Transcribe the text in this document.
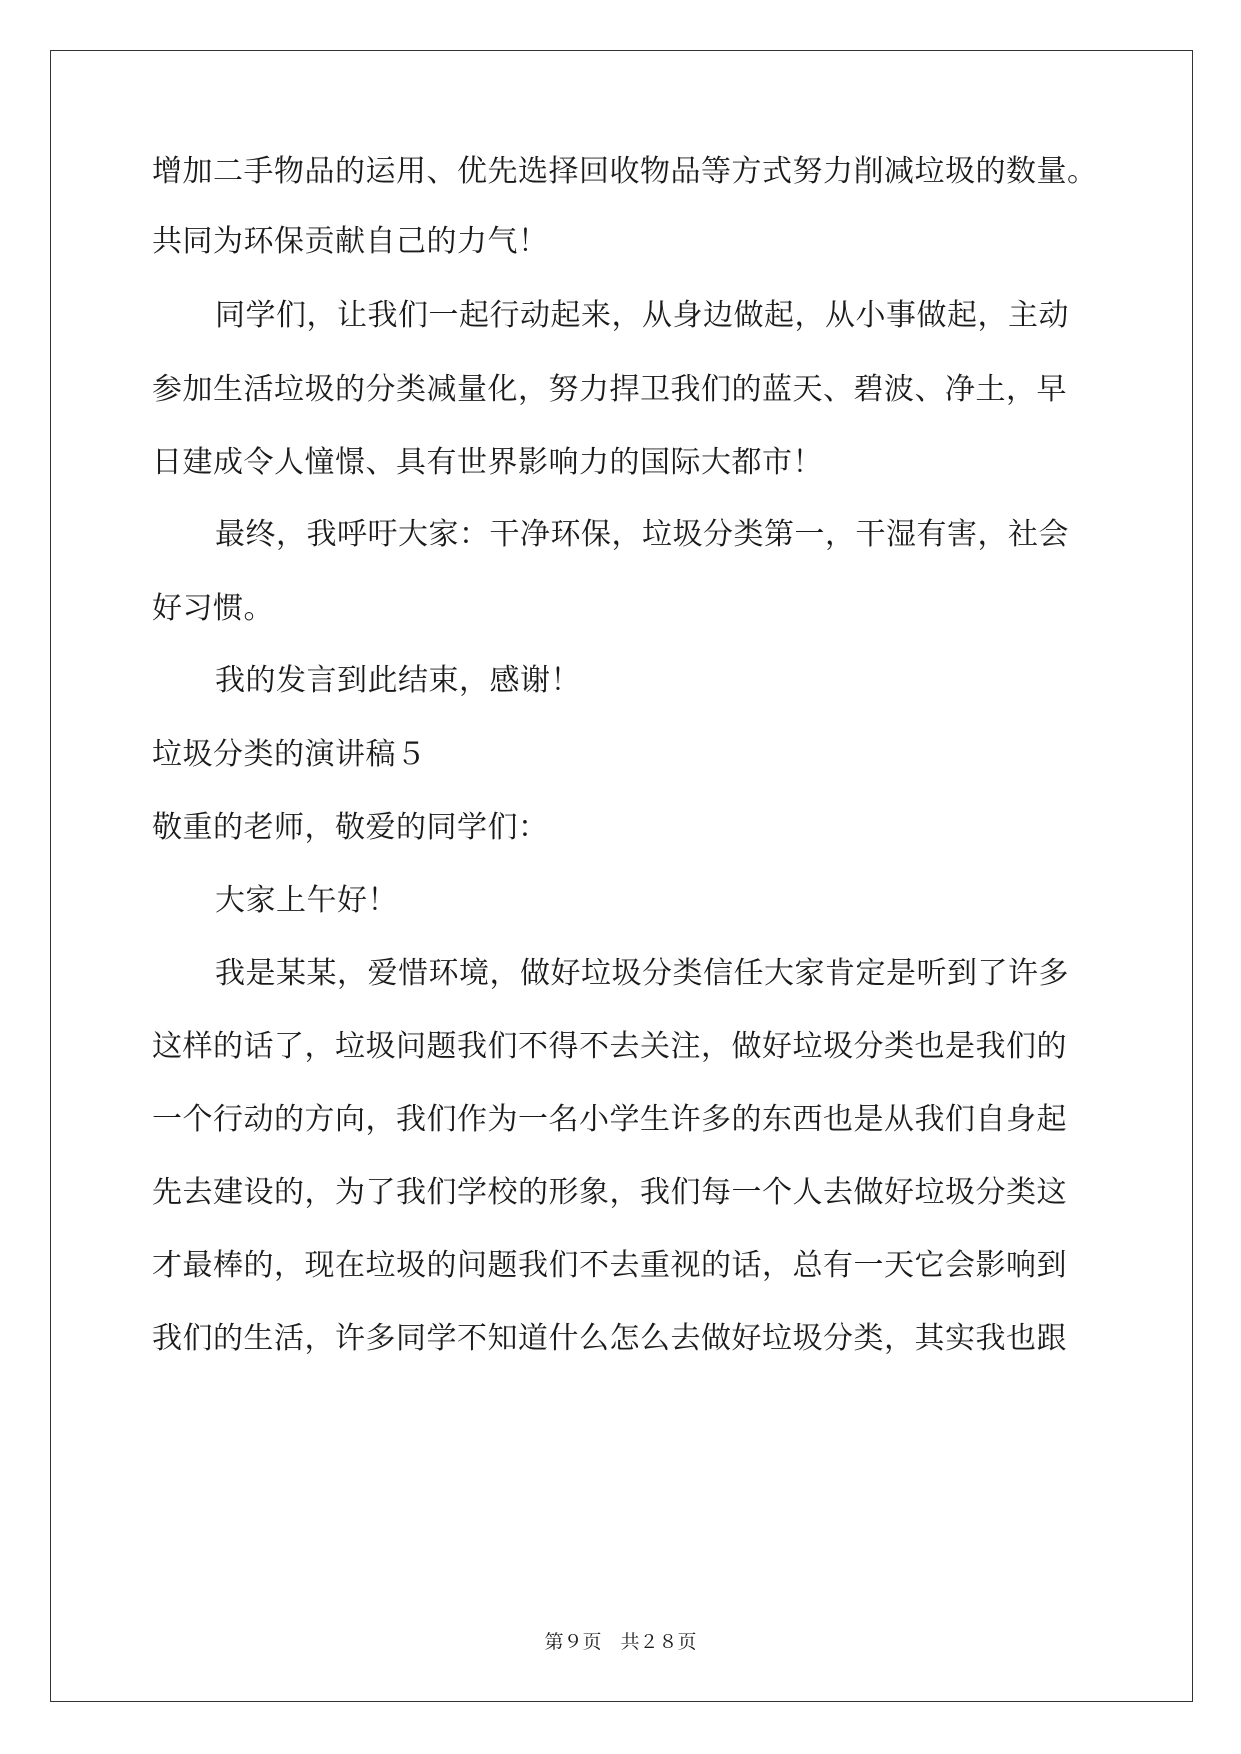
增加二手物品的运用、优先选择回收物品等方式努力削减垃圾的数量。
共同为环保贡献自己的力气！
同学们，让我们一起行动起来，从身边做起，从小事做起，主动
参加生活垃圾的分类减量化，努力捍卫我们的蓝天、碧波、净土，早
日建成令人憧憬、具有世界影响力的国际大都市！
最终，我呼吁大家：干净环保，垃圾分类第一，干湿有害，社会
好习惯。
我的发言到此结束，感谢！
垃圾分类的演讲稿５
敬重的老师，敬爱的同学们：
大家上午好！
我是某某，爱惜环境，做好垃圾分类信任大家肯定是听到了许多
这样的话了，垃圾问题我们不得不去关注，做好垃圾分类也是我们的
一个行动的方向，我们作为一名小学生许多的东西也是从我们自身起
先去建设的，为了我们学校的形象，我们每一个人去做好垃圾分类这
才最棒的，现在垃圾的问题我们不去重视的话，总有一天它会影响到
我们的生活，许多同学不知道什么怎么去做好垃圾分类，其实我也跟
第９页　共２８页
